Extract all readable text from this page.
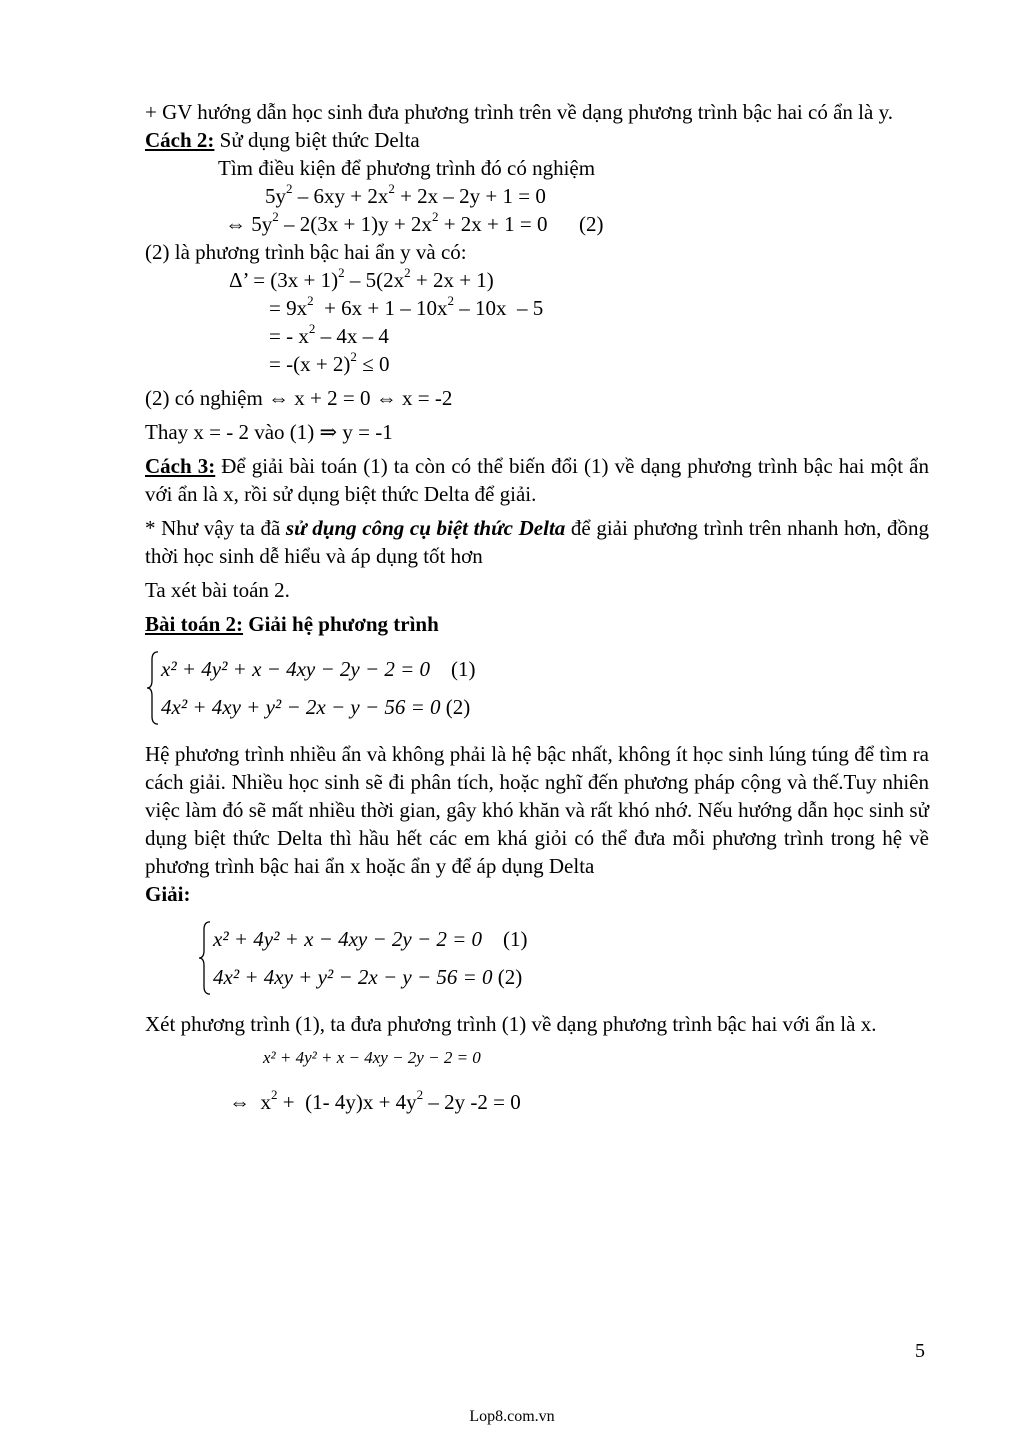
+ GV hướng dẫn học sinh đưa phương trình trên về dạng phương trình bậc hai có ẩn là y.

Cách 2: Sử dụng biệt thức Delta

Tìm điều kiện để phương trình đó có nghiệm

$5y^2 - 6xy + 2x^2 + 2x - 2y + 1 = 0$

⇔ $5y^2 - 2(3x + 1)y + 2x^2 + 2x + 1 = 0$      (2)

(2) là phương trình bậc hai ẩn y và có:

Δ’ = $(3x + 1)^2 - 5(2x^2 + 2x + 1)$

= $9x^2 + 6x + 1 - 10x^2 - 10x - 5$

= - $x^2 - 4x - 4$

= $-(x + 2)^2 \le 0$

(2) có nghiệm ⇔ x + 2 = 0 ⇔ x = -2

Thay x = - 2 vào (1) ⇒ y = -1

Cách 3: Để giải bài toán (1) ta còn có thể biến đổi (1) về dạng phương trình bậc hai một ẩn với ẩn là x, rồi sử dụng biệt thức Delta để giải.

* Như vậy ta đã sử dụng công cụ biệt thức Delta để giải phương trình trên nhanh hơn, đồng thời học sinh dễ hiểu và áp dụng tốt hơn

Ta xét bài toán 2.

Bài toán 2: Giải hệ phương trình

x² + 4y² + x − 4xy − 2y − 2 = 0 (1)
4x² + 4xy + y² − 2x − y − 56 = 0 (2)

Hệ phương trình nhiều ẩn và không phải là hệ bậc nhất, không ít học sinh lúng túng để tìm ra cách giải. Nhiều học sinh sẽ đi phân tích, hoặc nghĩ đến phương pháp cộng và thế.Tuy nhiên việc làm đó sẽ mất nhiều thời gian, gây khó khăn và rất khó nhớ. Nếu hướng dẫn học sinh sử dụng biệt thức Delta thì hầu hết các em khá giỏi có thể đưa mỗi phương trình trong hệ về phương trình bậc hai ẩn x hoặc ẩn y để áp dụng Delta

Giải:

x² + 4y² + x − 4xy − 2y − 2 = 0 (1)
4x² + 4xy + y² − 2x − y − 56 = 0 (2)

Xét phương trình (1), ta đưa phương trình (1) về dạng phương trình bậc hai với ẩn là x.

x² + 4y² + x − 4xy − 2y − 2 = 0

⇔  $x^2 + (1-$ $4y)x + 4y^2 - 2y$ -2 = 0

5
Lop8.com.vn
